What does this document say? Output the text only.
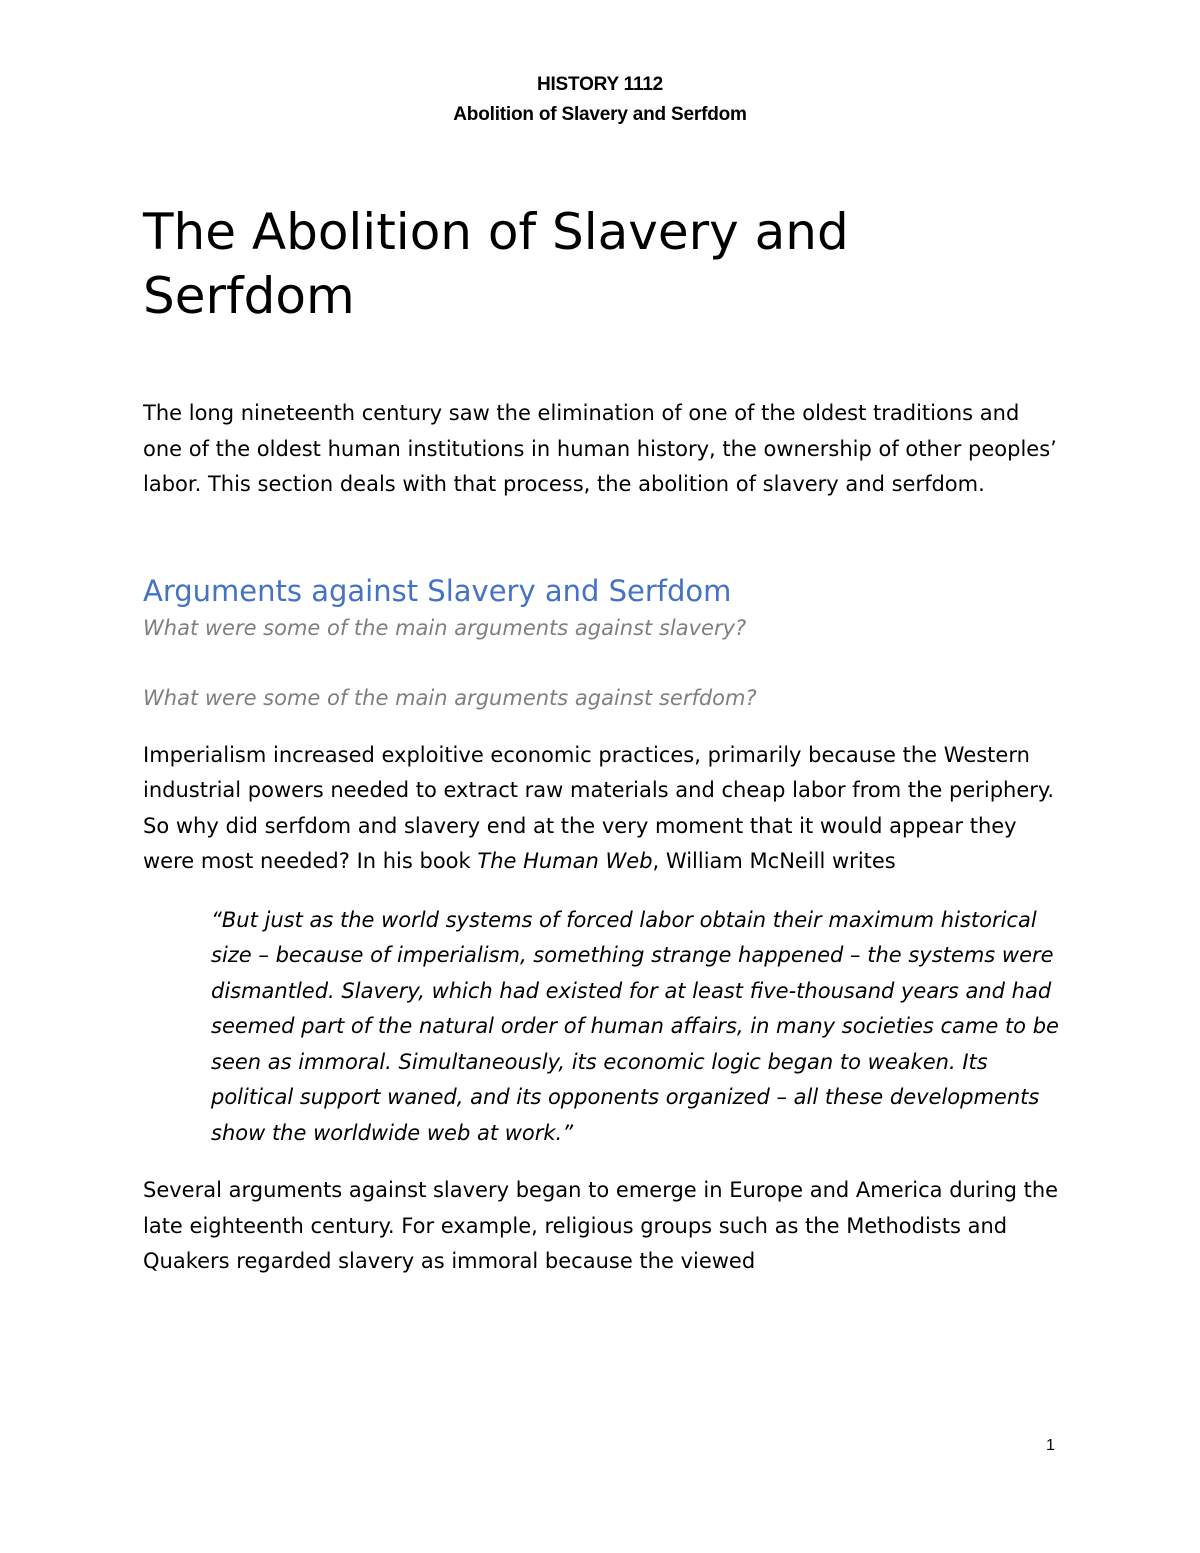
HISTORY 1112
Abolition of Slavery and Serfdom
The Abolition of Slavery and Serfdom

The long nineteenth century saw the elimination of one of the oldest traditions and one of the oldest human institutions in human history, the ownership of other peoples’ labor. This section deals with that process, the abolition of slavery and serfdom.

Arguments against Slavery and Serfdom

What were some of the main arguments against slavery?

What were some of the main arguments against serfdom?

Imperialism increased exploitive economic practices, primarily because the Western industrial powers needed to extract raw materials and cheap labor from the periphery. So why did serfdom and slavery end at the very moment that it would appear they were most needed? In his book The Human Web, William McNeill writes

“But just as the world systems of forced labor obtain their maximum historical size – because of imperialism, something strange happened – the systems were dismantled. Slavery, which had existed for at least five-thousand years and had seemed part of the natural order of human affairs, in many societies came to be seen as immoral. Simultaneously, its economic logic began to weaken. Its political support waned, and its opponents organized – all these developments show the worldwide web at work.”

Several arguments against slavery began to emerge in Europe and America during the late eighteenth century. For example, religious groups such as the Methodists and Quakers regarded slavery as immoral because the viewed

1
